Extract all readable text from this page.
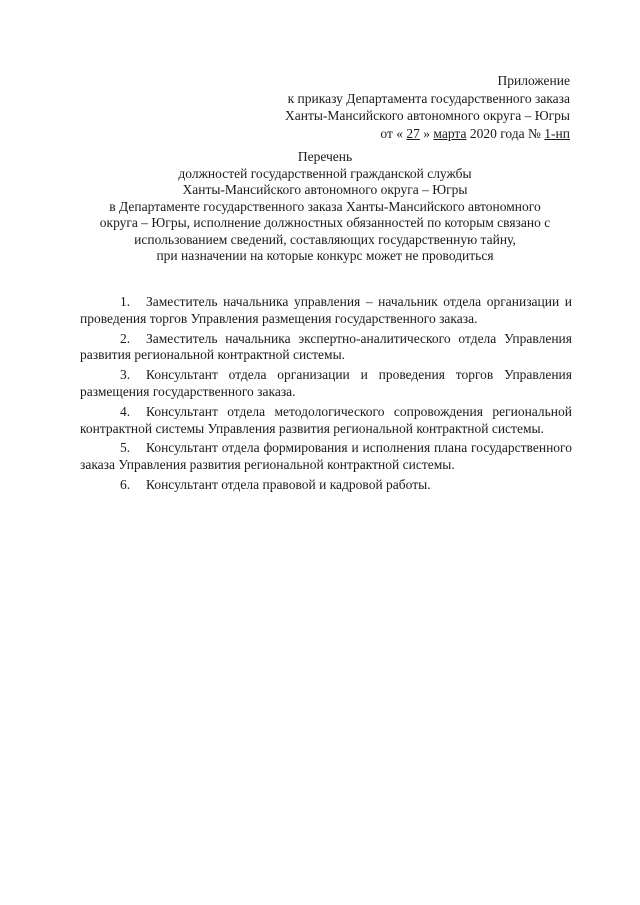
Приложение
к приказу Департамента государственного заказа
Ханты-Мансийского автономного округа – Югры
от « 27 » марта 2020 года № 1-нп
Перечень
должностей государственной гражданской службы
Ханты-Мансийского автономного округа – Югры
в Департаменте государственного заказа Ханты-Мансийского автономного
округа – Югры, исполнение должностных обязанностей по которым связано с
использованием сведений, составляющих государственную тайну,
при назначении на которые конкурс может не проводиться
1. Заместитель начальника управления – начальник отдела организации и проведения торгов Управления размещения государственного заказа.
2. Заместитель начальника экспертно-аналитического отдела Управления развития региональной контрактной системы.
3. Консультант отдела организации и проведения торгов Управления размещения государственного заказа.
4. Консультант отдела методологического сопровождения региональной контрактной системы Управления развития региональной контрактной системы.
5. Консультант отдела формирования и исполнения плана государственного заказа Управления развития региональной контрактной системы.
6. Консультант отдела правовой и кадровой работы.
